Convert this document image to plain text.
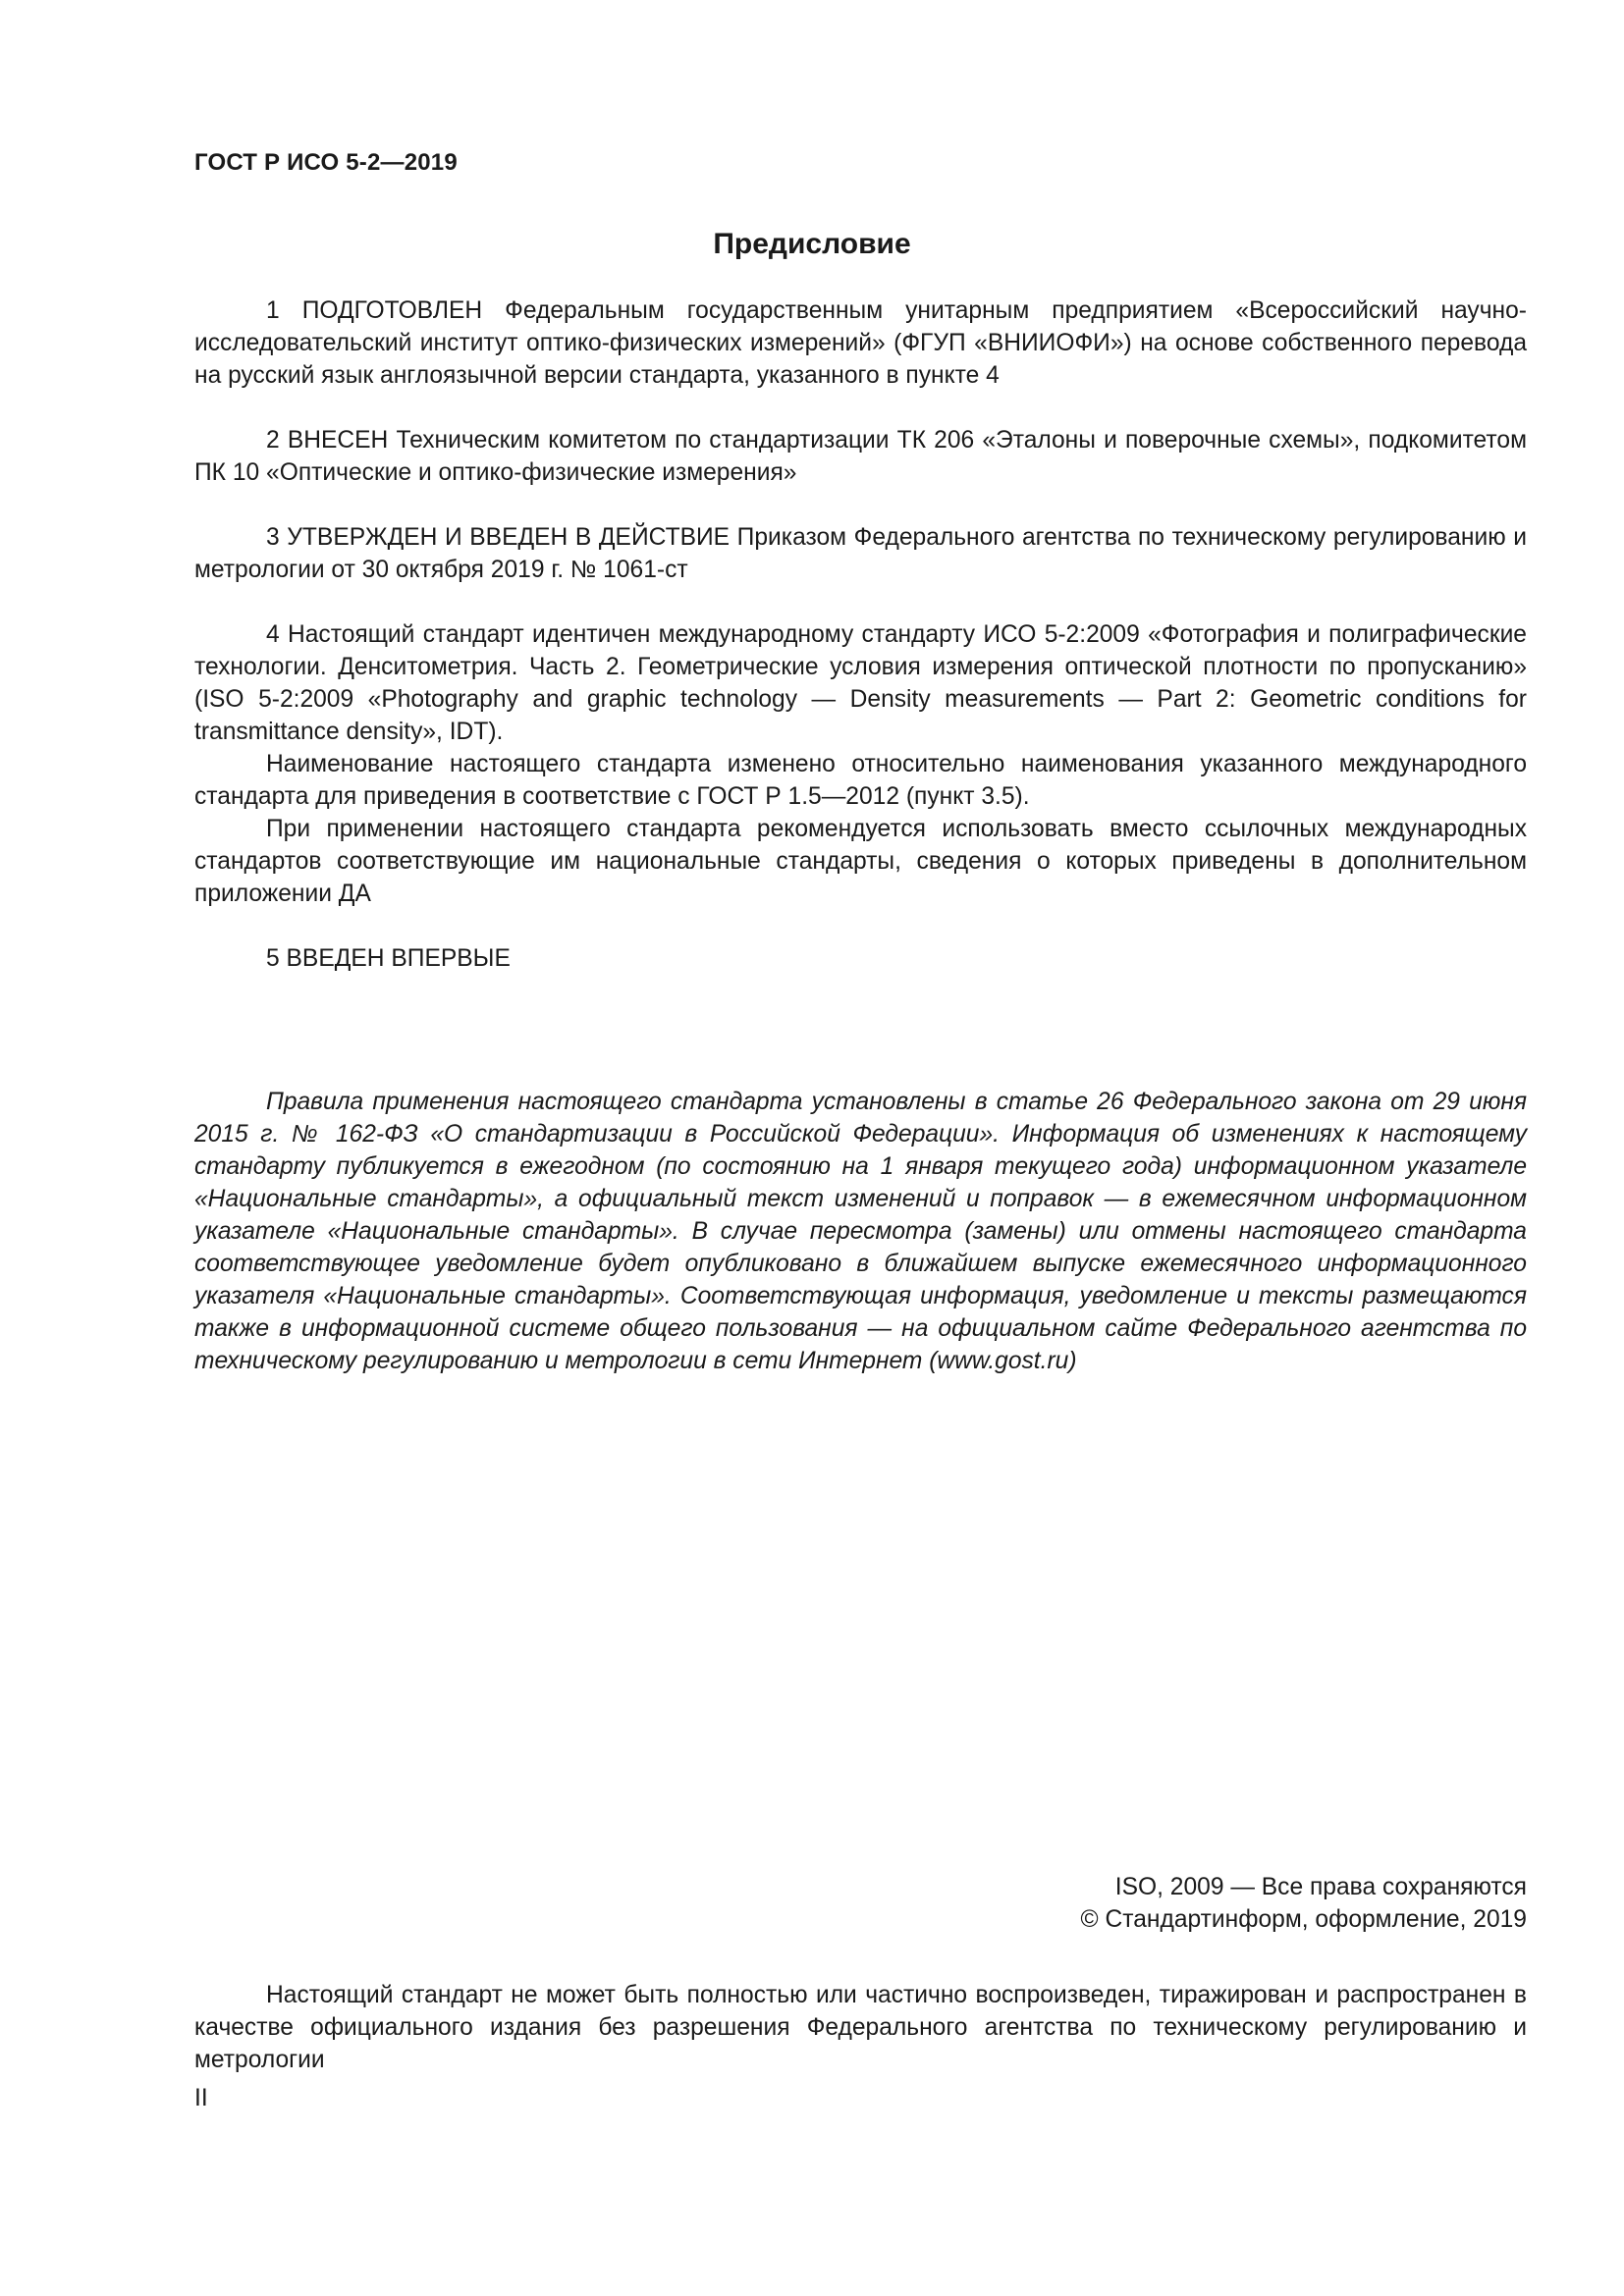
ГОСТ Р ИСО 5-2—2019
Предисловие

1 ПОДГОТОВЛЕН Федеральным государственным унитарным предприятием «Всероссийский научно-исследовательский институт оптико-физических измерений» (ФГУП «ВНИИОФИ») на основе собственного перевода на русский язык англоязычной версии стандарта, указанного в пункте 4

2 ВНЕСЕН Техническим комитетом по стандартизации ТК 206 «Эталоны и поверочные схемы», подкомитетом ПК 10 «Оптические и оптико-физические измерения»

3 УТВЕРЖДЕН И ВВЕДЕН В ДЕЙСТВИЕ Приказом Федерального агентства по техническому регулированию и метрологии от 30 октября 2019 г. № 1061-ст

4 Настоящий стандарт идентичен международному стандарту ИСО 5-2:2009 «Фотография и полиграфические технологии. Денситометрия. Часть 2. Геометрические условия измерения оптической плотности по пропусканию» (ISO 5-2:2009 «Photography and graphic technology — Density measurements — Part 2: Geometric conditions for transmittance density», IDT).

Наименование настоящего стандарта изменено относительно наименования указанного международного стандарта для приведения в соответствие с ГОСТ Р 1.5—2012 (пункт 3.5).

При применении настоящего стандарта рекомендуется использовать вместо ссылочных международных стандартов соответствующие им национальные стандарты, сведения о которых приведены в дополнительном приложении ДА

5 ВВЕДЕН ВПЕРВЫЕ

Правила применения настоящего стандарта установлены в статье 26 Федерального закона от 29 июня 2015 г. № 162-ФЗ «О стандартизации в Российской Федерации». Информация об изменениях к настоящему стандарту публикуется в ежегодном (по состоянию на 1 января текущего года) информационном указателе «Национальные стандарты», а официальный текст изменений и поправок — в ежемесячном информационном указателе «Национальные стандарты». В случае пересмотра (замены) или отмены настоящего стандарта соответствующее уведомление будет опубликовано в ближайшем выпуске ежемесячного информационного указателя «Национальные стандарты». Соответствующая информация, уведомление и тексты размещаются также в информационной системе общего пользования — на официальном сайте Федерального агентства по техническому регулированию и метрологии в сети Интернет (www.gost.ru)

ISO, 2009 — Все права сохраняются
© Стандартинформ, оформление, 2019

Настоящий стандарт не может быть полностью или частично воспроизведен, тиражирован и распространен в качестве официального издания без разрешения Федерального агентства по техническому регулированию и метрологии

II
